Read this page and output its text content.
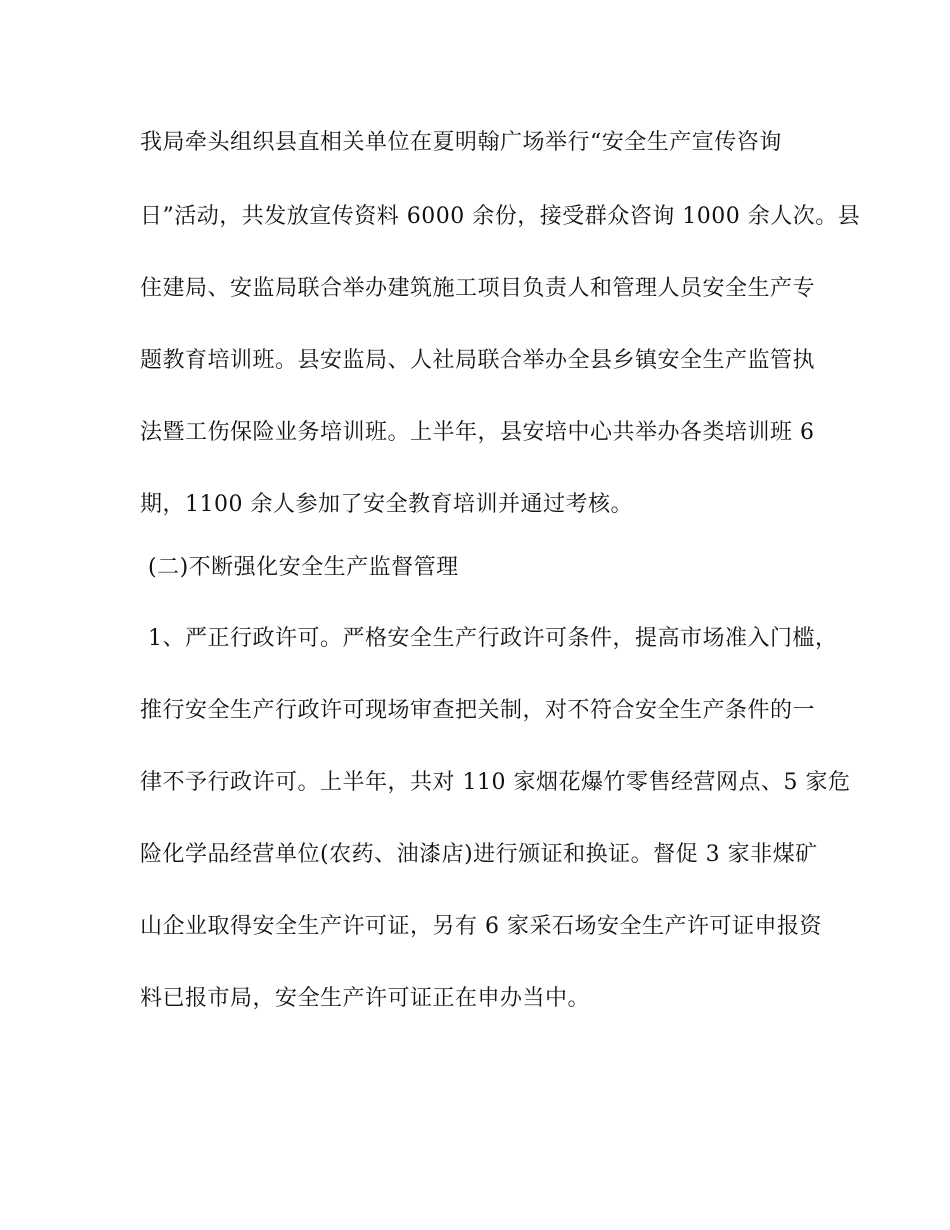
我局牵头组织县直相关单位在夏明翰广场举行“安全生产宣传咨询
日”活动，共发放宣传资料 6000 余份，接受群众咨询 1000 余人次。县
住建局、安监局联合举办建筑施工项目负责人和管理人员安全生产专
题教育培训班。县安监局、人社局联合举办全县乡镇安全生产监管执
法暨工伤保险业务培训班。上半年，县安培中心共举办各类培训班 6
期，1100 余人参加了安全教育培训并通过考核。
(二)不断强化安全生产监督管理
1、严正行政许可。严格安全生产行政许可条件，提高市场准入门槛，
推行安全生产行政许可现场审查把关制，对不符合安全生产条件的一
律不予行政许可。上半年，共对 110 家烟花爆竹零售经营网点、5 家危
险化学品经营单位(农药、油漆店)进行颁证和换证。督促 3 家非煤矿
山企业取得安全生产许可证，另有 6 家采石场安全生产许可证申报资
料已报市局，安全生产许可证正在申办当中。
